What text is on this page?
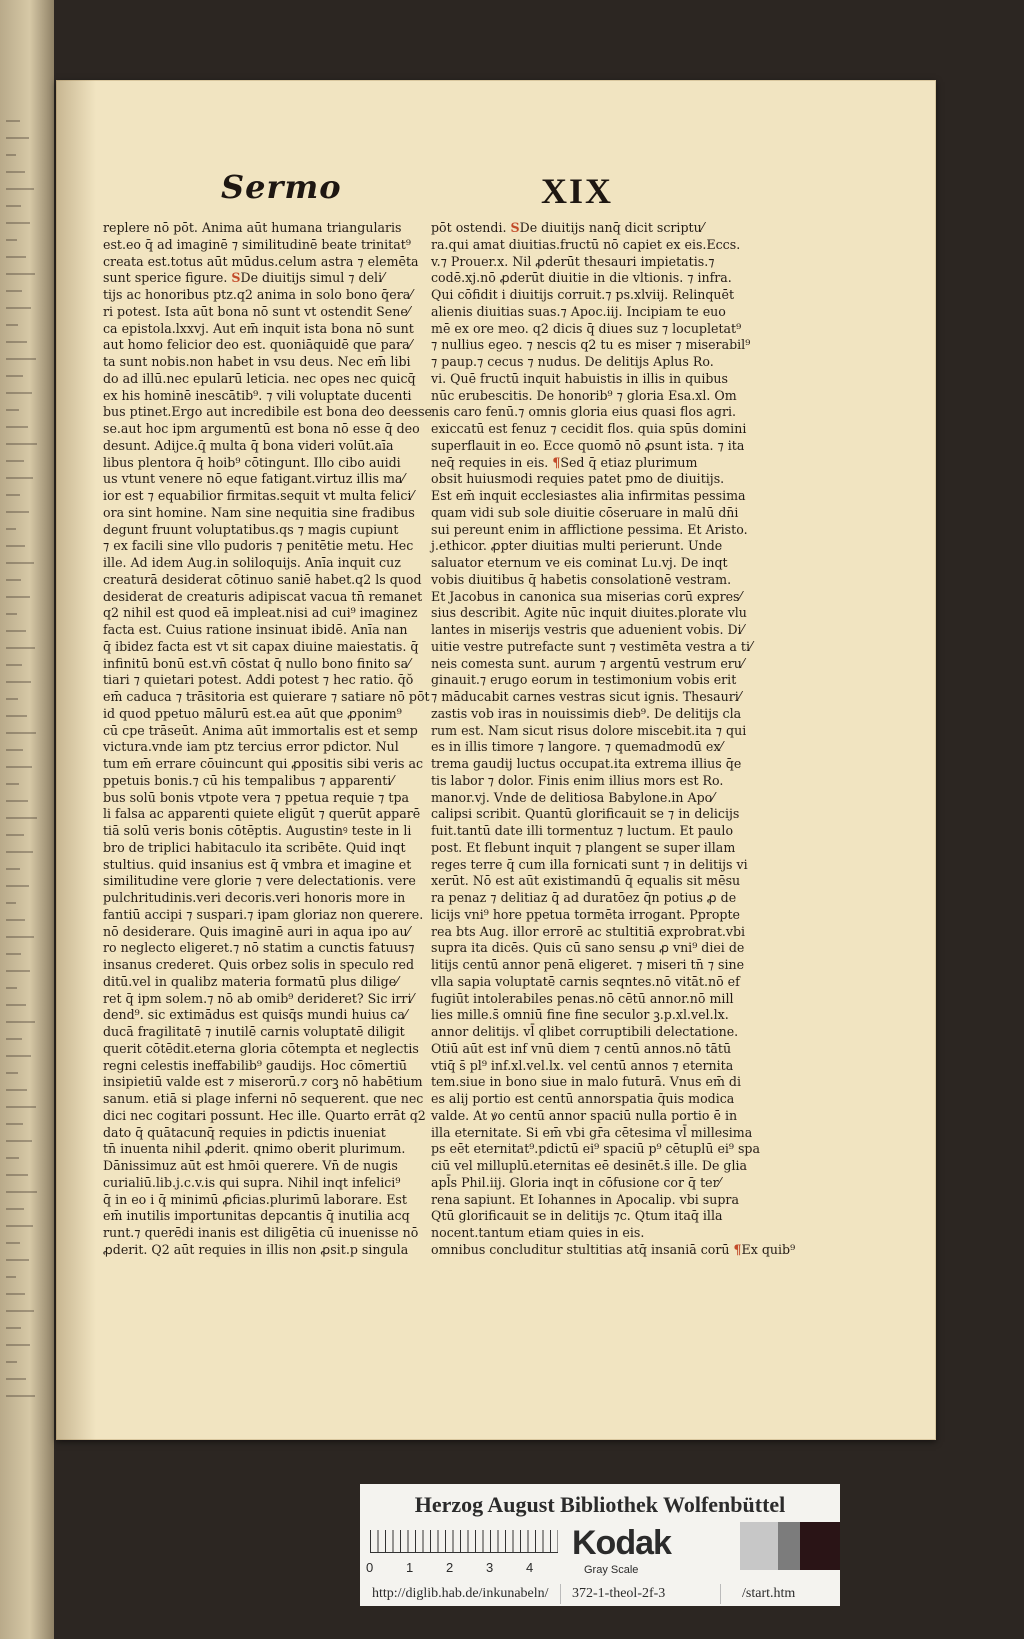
Sermo	XIX

replere nō pōt. Anima aūt humana triangularis

est.eo q̄ ad imaginē ⁊ similitudinē beate trinitat⁹

creata est.totus aūt mūdus.celum astra ⁊ elemēta

sunt sperice figure. SDe diuitijs simul ⁊ deli⁄

tijs ac honoribus ptz.q2 anima in solo bono q̄era⁄

ri potest. Ista aūt bona nō sunt vt ostendit Sene⁄

ca epistola.lxxvj. Aut em̄ inquit ista bona nō sunt

aut homo felicior deo est. quoniāquidē que para⁄

ta sunt nobis.non habet in vsu deus. Nec em̄ libi

do ad illū.nec epularū leticia. nec opes nec quicq̄

ex his hominē inescātib⁹. ⁊ vili voluptate ducenti

bus ptinet.Ergo aut incredibile est bona deo deesse

se.aut hoc ipm argumentū est bona nō esse q̄ deo

desunt. Adijce.q̄ multa q̄ bona videri volūt.aīa

libus plentora q̄ hoib⁹ cōtingunt. Illo cibo auidi

us vtunt venere nō eque fatigant.virtuz illis ma⁄

ior est ⁊ equabilior firmitas.sequit vt multa felici⁄

ora sint homine. Nam sine nequitia sine fradibus

degunt fruunt voluptatibus.qs ⁊ magis cupiunt

⁊ ex facili sine vllo pudoris ⁊ penitētie metu. Hec

ille. Ad idem Aug.in soliloquijs. Anīa inquit cuz

creaturā desiderat cōtinuo saniē habet.q2 ls quod

desiderat de creaturis adipiscat vacua tn̄ remanet

q2 nihil est quod eā impleat.nisi ad cui⁹ imaginez

facta est. Cuius ratione insinuat ibidē. Anīa nan

q̄ ibidez facta est vt sit capax diuine maiestatis. q̄

infinitū bonū est.vn̄ cōstat q̄ nullo bono finito sa⁄

tiari ⁊ quietari potest. Addi potest ⁊ hec ratio. q̄ŏ

em̄ caduca ⁊ trāsitoria est quierare ⁊ satiare nō pōt

id quod ppetuo mālurū est.ea aūt que ꝓponim⁹

cū cpe trāseūt. Anima aūt immortalis est et semp

victura.vnde iam ptz tercius error pdictor. Nul

tum em̄ errare cōuincunt qui ꝓpositis sibi veris ac

ppetuis bonis.⁊ cū his tempalibus ⁊ apparenti⁄

bus solū bonis vtpote vera ⁊ ppetua requie ⁊ tpa

li falsa ac apparenti quiete eligūt ⁊ querūt apparē

tiā solū veris bonis cōtēptis. Augustinꝰ teste in li

bro de triplici habitaculo ita scribēte. Quid inqt

stultius. quid insanius est q̄ vmbra et imagine et

similitudine vere glorie ⁊ vere delectationis. vere

pulchritudinis.veri decoris.veri honoris more in

fantiū accipi ⁊ suspari.⁊ ipam gloriaz non querere.

nō desiderare. Quis imaginē auri in aqua ipo au⁄

ro neglecto eligeret.⁊ nō statim a cunctis fatuus⁊

insanus crederet. Quis orbez solis in speculo red

ditū.vel in qualibz materia formatū plus dilige⁄

ret q̄ ipm solem.⁊ nō ab omib⁹ derideret? Sic irri⁄

dend⁹. sic extimādus est quisq̄s mundi huius ca⁄

ducā fragilitatē ⁊ inutilē carnis voluptatē diligit

querit cōtēdit.eterna gloria cōtempta et neglectis

regni celestis ineffabilib⁹ gaudijs. Hoc cōmertiū

insipietiū valde est ⁊ miserorū.⁊ corꝫ nō habētium

sanum. etiā si plage inferni nō sequerent. que nec

dici nec cogitari possunt. Hec ille. Quarto errāt q2

dato q̄ quātacunq̄ requies in pdictis inueniat

tn̄ inuenta nihil ꝓderit. qnimo oberit plurimum.

Dānissimuz aūt est hmōi querere. Vn̄ de nugis

curialiū.lib.j.c.v.is qui supra. Nihil inqt infelici⁹

q̄ in eo i q̄ minimū ꝓficias.plurimū laborare. Est

em̄ inutilis importunitas depcantis q̄ inutilia acq

runt.⁊ querēdi inanis est diligētia cū inuenisse nō

ꝓderit. Q2 aūt requies in illis non ꝓsit.p singula

pōt ostendi. SDe diuitijs nanq̄ dicit scriptu⁄

ra.qui amat diuitias.fructū nō capiet ex eis.Eccs.

v.⁊ Prouer.x. Nil ꝓderūt thesauri impietatis.⁊

codē.xj.nō ꝓderūt diuitie in die vltionis. ⁊ infra.

Qui cōfidit i diuitijs corruit.⁊ ps.xlviij. Relinquēt

alienis diuitias suas.⁊ Apoc.iij. Incipiam te euo

mē ex ore meo. q2 dicis q̄ diues suz ⁊ locupletat⁹

⁊ nullius egeo. ⁊ nescis q2 tu es miser ⁊ miserabil⁹

⁊ paup.⁊ cecus ⁊ nudus. De delitijs Aplus Ro.

vi. Quē fructū inquit habuistis in illis in quibus

nūc erubescitis. De honorib⁹ ⁊ gloria Esa.xl. Om

nis caro fenū.⁊ omnis gloria eius quasi flos agri.

exiccatū est fenuz ⁊ cecidit flos. quia spūs domini

superflauit in eo. Ecce quomō nō ꝓsunt ista. ⁊ ita

neq̄ requies in eis. ¶Sed q̄ etiaz plurimum

obsit huiusmodi requies patet pmo de diuitijs.

Est em̄ inquit ecclesiastes alia infirmitas pessima

quam vidi sub sole diuitie cōseruare in malū dn̄i

sui pereunt enim in afflictione pessima. Et Aristo.

j.ethicor. ꝓpter diuitias multi perierunt. Unde

saluator eternum ve eis cominat Lu.vj. De inqt

vobis diuitibus q̄ habetis consolationē vestram.

Et Jacobus in canonica sua miserias corū expres⁄

sius describit. Agite nūc inquit diuites.plorate vlu

lantes in miserijs vestris que aduenient vobis. Di⁄

uitie vestre putrefacte sunt ⁊ vestimēta vestra a ti⁄

neis comesta sunt. aurum ⁊ argentū vestrum eru⁄

ginauit.⁊ erugo eorum in testimonium vobis erit

⁊ māducabit carnes vestras sicut ignis. Thesauri⁄

zastis vob iras in nouissimis dieb⁹. De delitijs cla

rum est. Nam sicut risus dolore miscebit.ita ⁊ qui

es in illis timore ⁊ langore. ⁊ quemadmodū ex⁄

trema gaudij luctus occupat.ita extrema illius q̄e

tis labor ⁊ dolor. Finis enim illius mors est Ro.

manor.vj. Vnde de delitiosa Babylone.in Apo⁄

calipsi scribit. Quantū glorificauit se ⁊ in delicijs

fuit.tantū date illi tormentuz ⁊ luctum. Et paulo

post. Et flebunt inquit ⁊ plangent se super illam

reges terre q̄ cum illa fornicati sunt ⁊ in delitijs vi

xerūt. Nō est aūt existimandū q̄ equalis sit mēsu

ra penaz ⁊ delitiaz q̄ ad duratōez q̄n potius ꝓ de

licijs vni⁹ hore ppetua tormēta irrogant. Ppropte

rea bts Aug. illor errorē ac stultitiā exprobrat.vbi

supra ita dicēs. Quis cū sano sensu ꝓ vni⁹ diei de

litijs centū annor penā eligeret. ⁊ miseri tn̄ ⁊ sine

vlla sapia voluptatē carnis seqntes.nō vitāt.nō ef

fugiūt intolerabiles penas.nō cētū annor.nō mill

lies mille.s̄ omniū fine fine seculor ꝫ.p.xl.vel.lx.

annor delitijs. vl̄ qlibet corruptibili delectatione.

Otiū aūt est inf vnū diem ⁊ centū annos.nō tātū

vtiq̄ s̄ pl⁹ inf.xl.vel.lx. vel centū annos ⁊ eternita

tem.siue in bono siue in malo futurā. Vnus em̄ di

es alij portio est centū annorspatia q̄uis modica

valde. At ꝟo centū annor spaciū nulla portio ē in

illa eternitate. Si em̄ vbi gr̄a cētesima vl̄ millesima

ps eēt eternitat⁹.pdictū ei⁹ spaciū p⁹ cētuplū ei⁹ spa

ciū vel milluplū.eternitas eē desinēt.s̄ ille. De glia

apl̄s Phil.iij. Gloria inqt in cōfusione cor q̄ ter⁄

rena sapiunt. Et Iohannes in Apocalip. vbi supra

Qtū glorificauit se in delitijs ⁊c. Qtum itaq̄ illa

nocent.tantum etiam quies in eis.

omnibus concluditur stultitias atq̄ insaniā corū ¶Ex quib⁹

Herzog August Bibliothek Wolfenbüttel
0	1	2	3	4
Kodak
Gray Scale
http://diglib.hab.de/inkunabeln/ 372-1-theol-2f-3	/start.htm
